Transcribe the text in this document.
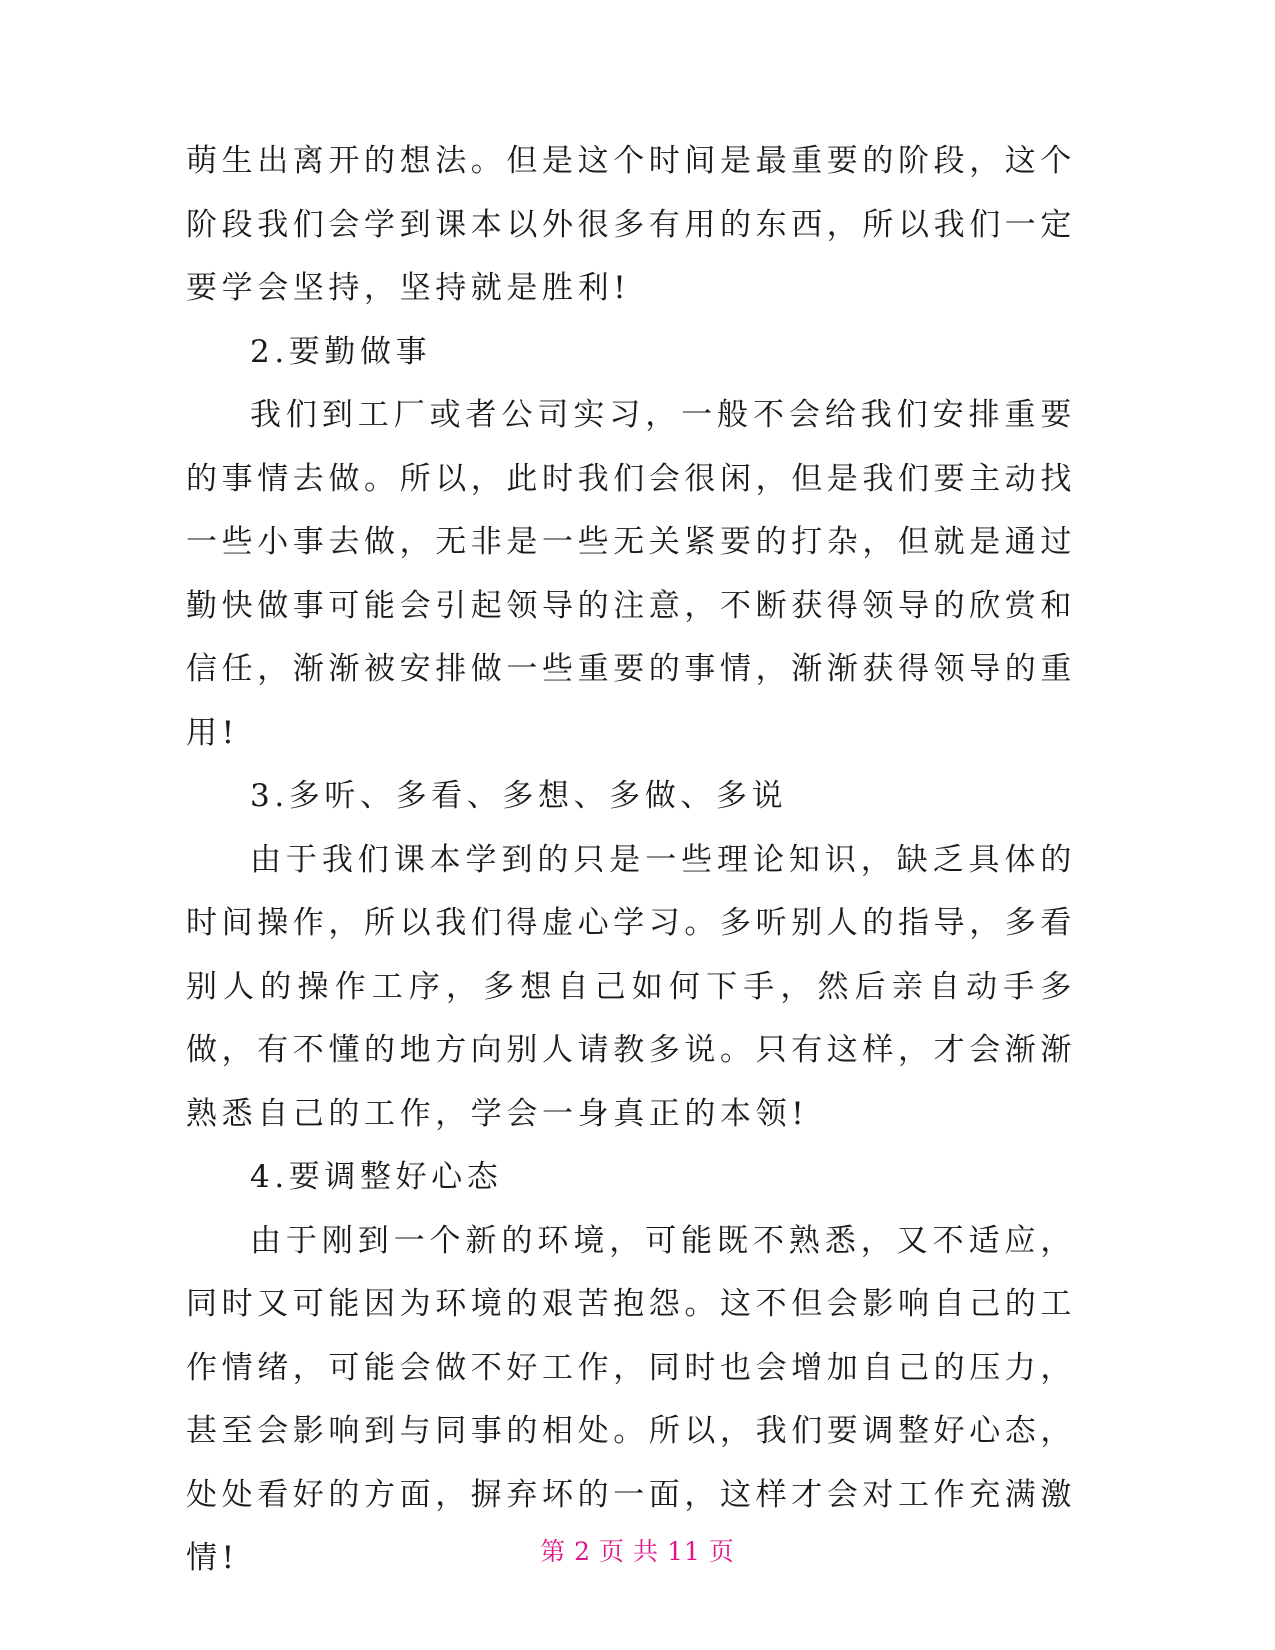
萌生出离开的想法。但是这个时间是最重要的阶段，这个阶段我们会学到课本以外很多有用的东西，所以我们一定要学会坚持，坚持就是胜利!

2.要勤做事

我们到工厂或者公司实习，一般不会给我们安排重要的事情去做。所以，此时我们会很闲，但是我们要主动找一些小事去做，无非是一些无关紧要的打杂，但就是通过勤快做事可能会引起领导的注意，不断获得领导的欣赏和信任，渐渐被安排做一些重要的事情，渐渐获得领导的重用!

3.多听、多看、多想、多做、多说

由于我们课本学到的只是一些理论知识，缺乏具体的时间操作，所以我们得虚心学习。多听别人的指导，多看别人的操作工序，多想自己如何下手，然后亲自动手多做，有不懂的地方向别人请教多说。只有这样，才会渐渐熟悉自己的工作，学会一身真正的本领!

4.要调整好心态

由于刚到一个新的环境，可能既不熟悉，又不适应，同时又可能因为环境的艰苦抱怨。这不但会影响自己的工作情绪，可能会做不好工作，同时也会增加自己的压力，甚至会影响到与同事的相处。所以，我们要调整好心态，处处看好的方面，摒弃坏的一面，这样才会对工作充满激情!	第 2 页 共 11 页
